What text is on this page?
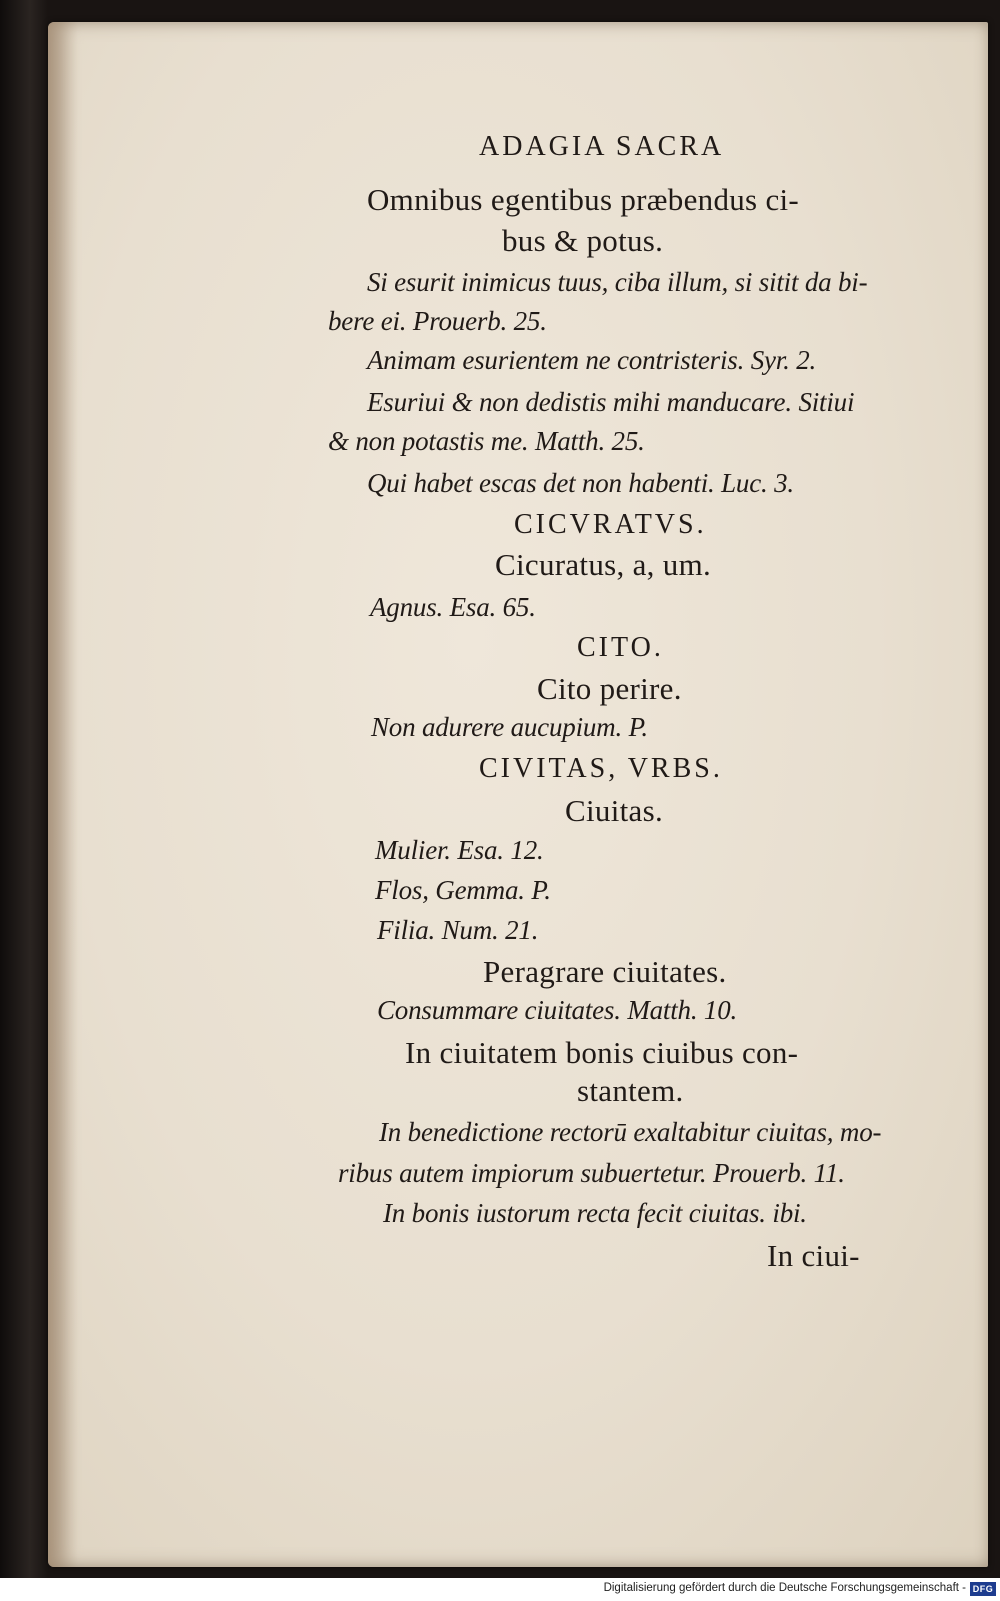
ADAGIA SACRA
Omnibus egentibus præbendus ci-
bus & potus.
Si esurit inimicus tuus, ciba illum, si sitit da bi-
bere ei. Prouerb. 25.
Animam esurientem ne contristeris. Syr. 2.
Esuriui & non dedistis mihi manducare. Sitiui
& non potastis me. Matth. 25.
Qui habet escas det non habenti. Luc. 3.
CICVRATVS.
Cicuratus, a, um.
Agnus. Esa. 65.
CITO.
Cito perire.
Non adurere aucupium. P.
CIVITAS, VRBS.
Ciuitas.
Mulier. Esa. 12.
Flos, Gemma. P.
Filia. Num. 21.
Peragrare ciuitates.
Consummare ciuitates. Matth. 10.
In ciuitatem bonis ciuibus con-
stantem.
In benedictione rectorū exaltabitur ciuitas, mo-
ribus autem impiorum subuertetur. Prouerb. 11.
In bonis iustorum recta fecit ciuitas. ibi.
In ciui-
Digitalisierung gefördert durch die Deutsche Forschungsgemeinschaft - DFG
